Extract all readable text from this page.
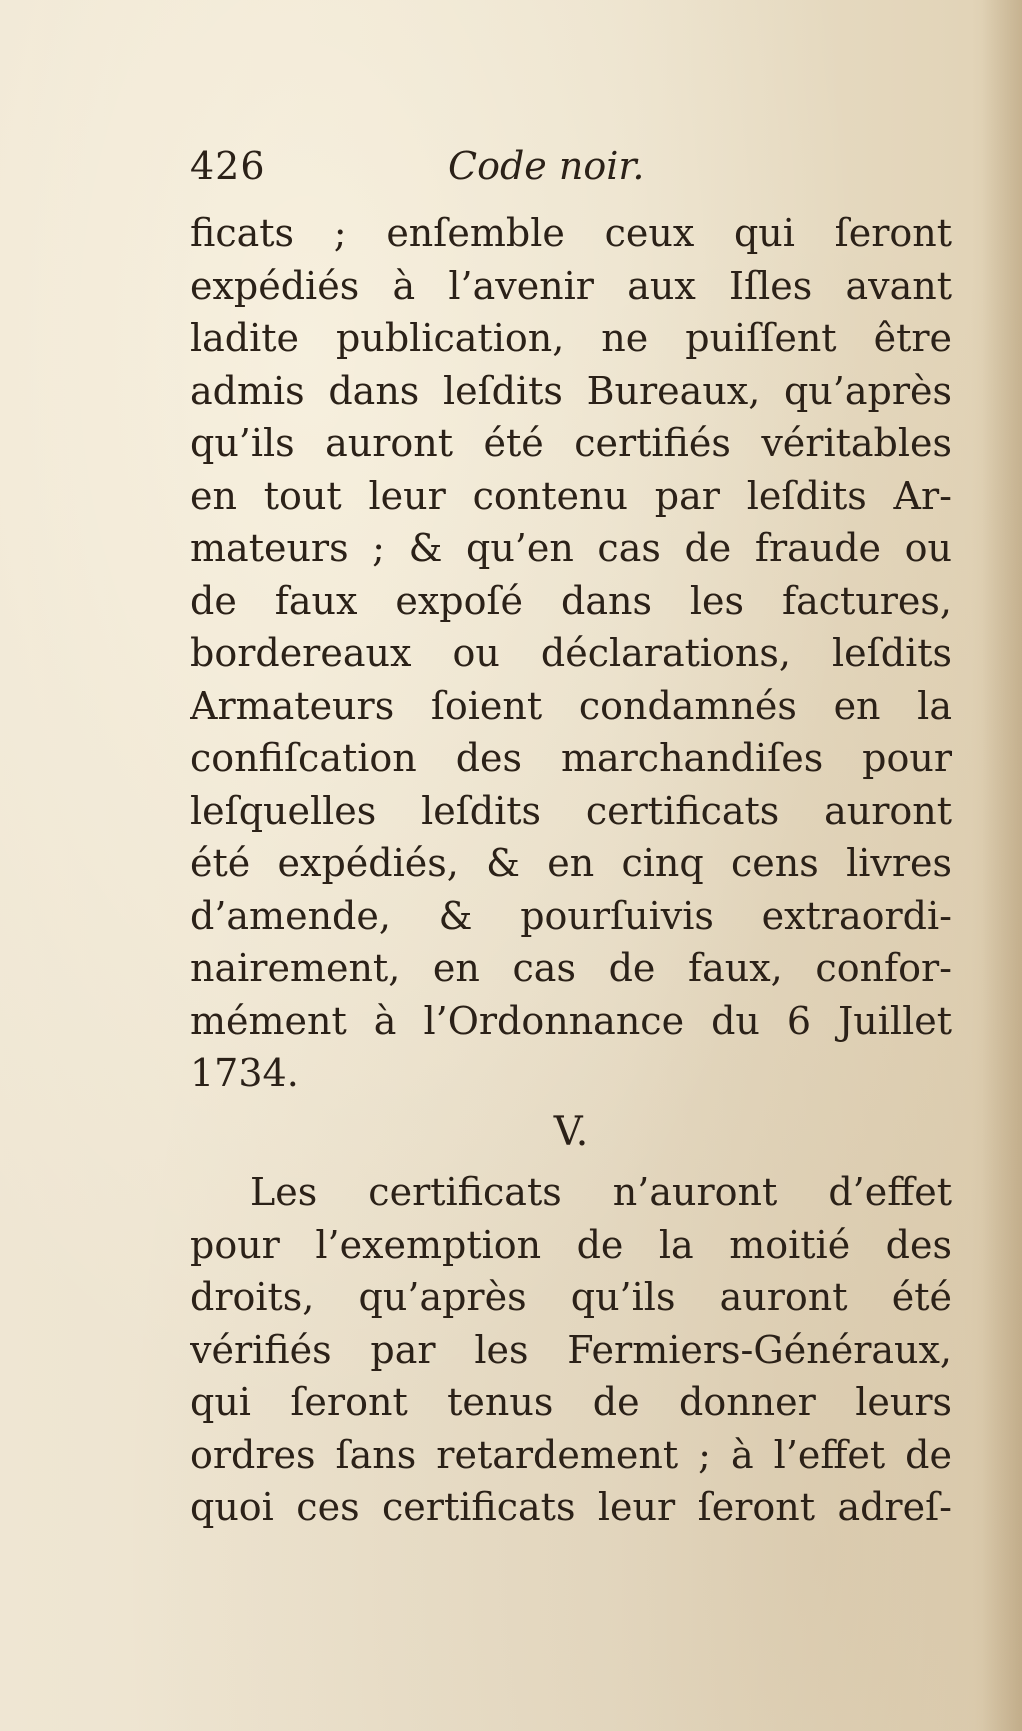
426	Code noir.
ficats ; enſemble ceux qui ſeront
expédiés à l’avenir aux Iſles avant
ladite publication, ne puiſſent être
admis dans leſdits Bureaux, qu’après
qu’ils auront été certifiés véritables
en tout leur contenu par leſdits Ar-
mateurs ; & qu’en cas de fraude ou
de faux expoſé dans les factures,
bordereaux ou déclarations, leſdits
Armateurs ſoient condamnés en la
confiſcation des marchandiſes pour
leſquelles leſdits certificats auront
été expédiés, & en cinq cens livres
d’amende, & pourſuivis extraordi-
nairement, en cas de faux, confor-
mément à l’Ordonnance du 6 Juillet
1734.
V.
Les certificats n’auront d’effet
pour l’exemption de la moitié des
droits, qu’après qu’ils auront été
vérifiés par les Fermiers-Généraux,
qui ſeront tenus de donner leurs
ordres ſans retardement ; à l’effet de
quoi ces certificats leur ſeront adreſ-
